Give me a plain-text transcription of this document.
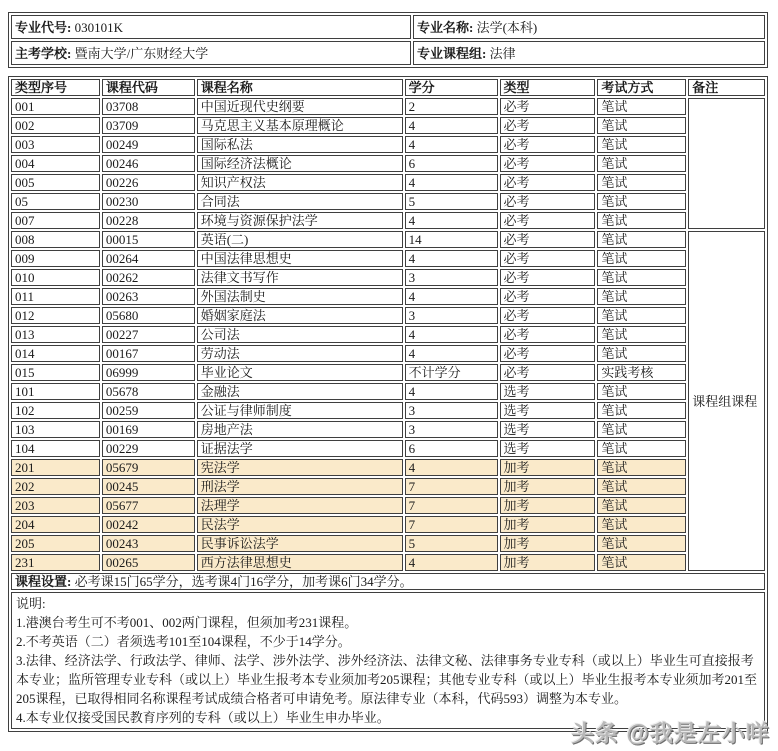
专业代号: 030101K	专业名称: 法学(本科)
主考学校: 暨南大学/广东财经大学	专业课程组: 法律
类型序号	课程代码	课程名称	学分	类型	考试方式	备注
001	03708	中国近现代史纲要	2	必考	笔试	
002	03709	马克思主义基本原理概论	4	必考	笔试	
003	00249	国际私法	4	必考	笔试	
004	00246	国际经济法概论	6	必考	笔试	
005	00226	知识产权法	4	必考	笔试	
05	00230	合同法	5	必考	笔试	
007	00228	环境与资源保护法学	4	必考	笔试	
008	00015	英语(二)	14	必考	笔试	课程组课程
009	00264	中国法律思想史	4	必考	笔试	
010	00262	法律文书写作	3	必考	笔试	
011	00263	外国法制史	4	必考	笔试	
012	05680	婚姻家庭法	3	必考	笔试	
013	00227	公司法	4	必考	笔试	
014	00167	劳动法	4	必考	笔试	
015	06999	毕业论文	不计学分	必考	实践考核	
101	05678	金融法	4	选考	笔试	
102	00259	公证与律师制度	3	选考	笔试	
103	00169	房地产法	3	选考	笔试	
104	00229	证据法学	6	选考	笔试	
201	05679	宪法学	4	加考	笔试	
202	00245	刑法学	7	加考	笔试	
203	05677	法理学	7	加考	笔试	
204	00242	民法学	7	加考	笔试	
205	00243	民事诉讼法学	5	加考	笔试	
231	00265	西方法律思想史	4	加考	笔试	
课程设置: 必考课15门65学分，选考课4门16学分，加考课6门34学分。						

说明:
1.港澳台考生可不考001、002两门课程，但须加考231课程。
2.不考英语（二）者须选考101至104课程，不少于14学分。
3.法律、经济法学、行政法学、律师、法学、涉外法学、涉外经济法、法律文秘、法律事务专业专科（或以上）毕业生可直接报考本专业；监所管理专业专科（或以上）毕业生报考本专业须加考205课程；其他专业专科（或以上）毕业生报考本专业须加考201至205课程，已取得相同名称课程考试成绩合格者可申请免考。原法律专业（本科，代码593）调整为本专业。
4.本专业仅接受国民教育序列的专科（或以上）毕业生申办毕业。						
头条 @我是左小咩
